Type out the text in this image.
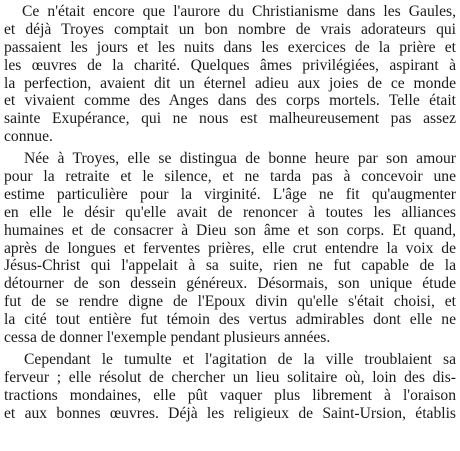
Ce n'était encore que l'aurore du Christianisme dans les Gaules,
et déjà Troyes comptait un bon nombre de vrais adorateurs qui
passaient les jours et les nuits dans les exercices de la prière et
les œuvres de la charité. Quelques âmes privilégiées, aspirant à
la perfection, avaient dit un éternel adieu aux joies de ce monde
et vivaient comme des Anges dans des corps mortels. Telle était
sainte Exupérance, qui ne nous est malheureusement pas assez
connue.
Née à Troyes, elle se distingua de bonne heure par son amour
pour la retraite et le silence, et ne tarda pas à concevoir une
estime particulière pour la virginité. L'âge ne fit qu'augmenter
en elle le désir qu'elle avait de renoncer à toutes les alliances
humaines et de consacrer à Dieu son âme et son corps. Et quand,
après de longues et ferventes prières, elle crut entendre la voix de
Jésus-Christ qui l'appelait à sa suite, rien ne fut capable de la
détourner de son dessein généreux. Désormais, son unique étude
fut de se rendre digne de l'Epoux divin qu'elle s'était choisi, et
la cité tout entière fut témoin des vertus admirables dont elle ne
cessa de donner l'exemple pendant plusieurs années.
Cependant le tumulte et l'agitation de la ville troublaient sa
ferveur ; elle résolut de chercher un lieu solitaire où, loin des dis-
tractions mondaines, elle pût vaquer plus librement à l'oraison
et aux bonnes œuvres. Déjà les religieux de Saint-Ursion, établis
